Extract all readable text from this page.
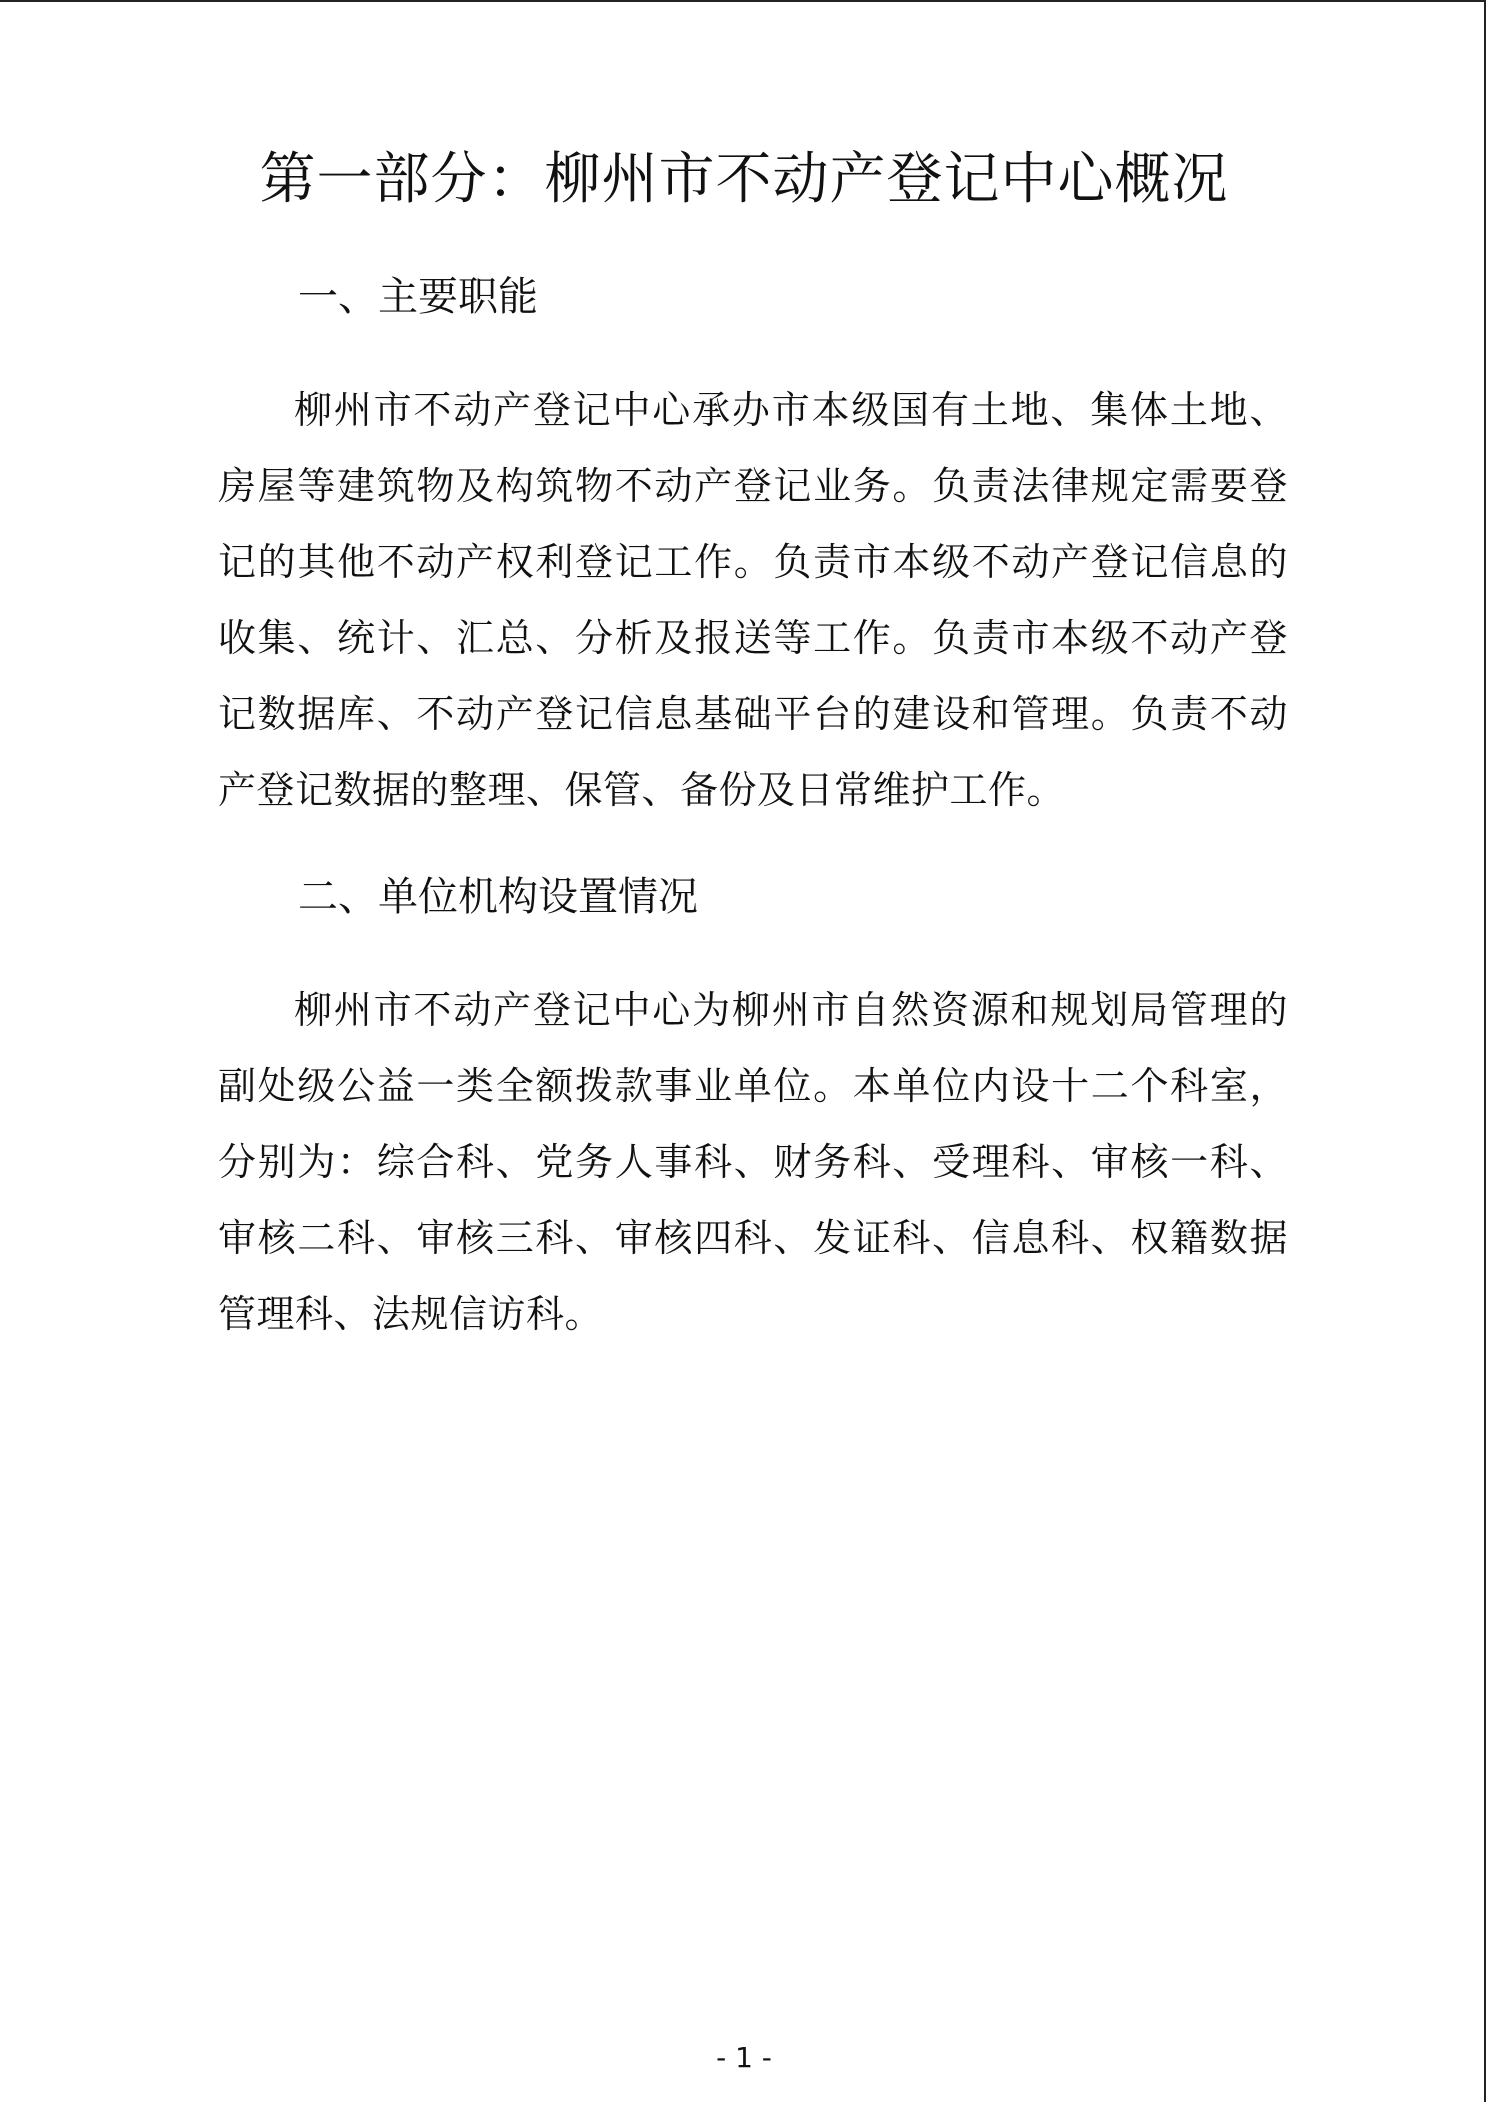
第一部分：柳州市不动产登记中心概况
一、主要职能

柳州市不动产登记中心承办市本级国有土地、集体土地、房屋等建筑物及构筑物不动产登记业务。负责法律规定需要登记的其他不动产权利登记工作。负责市本级不动产登记信息的收集、统计、汇总、分析及报送等工作。负责市本级不动产登记数据库、不动产登记信息基础平台的建设和管理。负责不动产登记数据的整理、保管、备份及日常维护工作。

二、单位机构设置情况

柳州市不动产登记中心为柳州市自然资源和规划局管理的副处级公益一类全额拨款事业单位。本单位内设十二个科室，分别为：综合科、党务人事科、财务科、受理科、审核一科、审核二科、审核三科、审核四科、发证科、信息科、权籍数据管理科、法规信访科。

- 1 -
